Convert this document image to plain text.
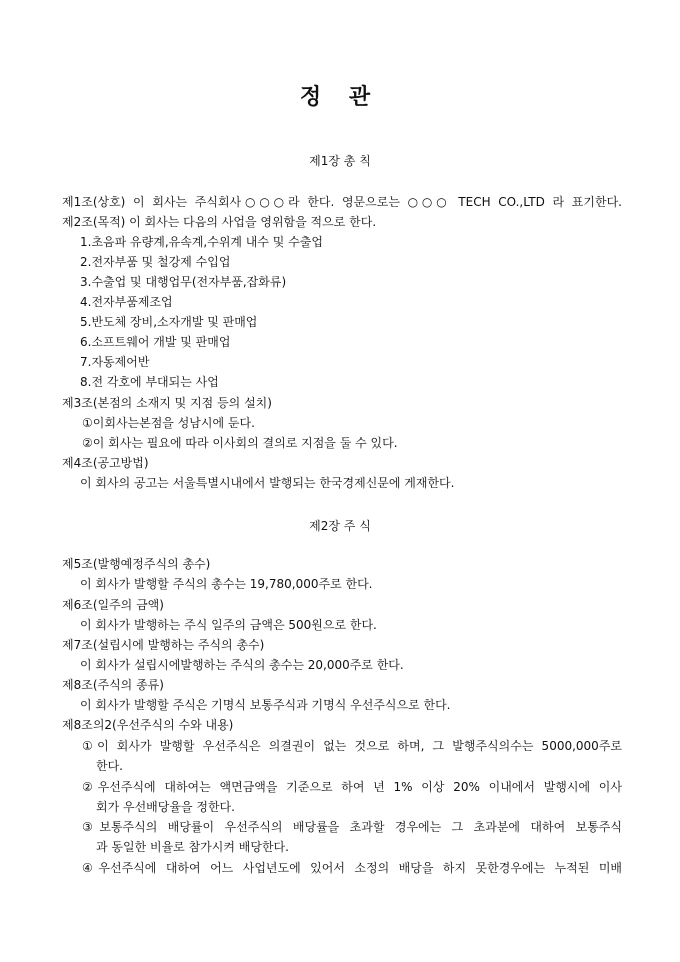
정 관
제1장 총 칙
제1조(상호) 이 회사는 주식회사○○○라 한다. 영문으로는 ○○○ TECH CO.,LTD 라 표기한다.
제2조(목적) 이 회사는 다음의 사업을 영위함을 적으로 한다.
1.초음파 유량계,유속계,수위계 내수 및 수출업
2.전자부품 및 철강제 수입업
3.수출업 및 대행업무(전자부품,잡화류)
4.전자부품제조업
5.반도체 장비,소자개발 및 판매업
6.소프트웨어 개발 및 판매업
7.자동제어반
8.전 각호에 부대되는 사업
제3조(본점의 소재지 및 지점 등의 설치)
①이회사는본점을 성남시에 둔다.
②이 회사는 필요에 따라 이사회의 결의로 지점을 둘 수 있다.
제4조(공고방법)
이 회사의 공고는 서울특별시내에서 발행되는 한국경제신문에 게재한다.
제2장 주 식
제5조(발행예정주식의 총수)
이 회사가 발행할 주식의 총수는 19,780,000주로 한다.
제6조(일주의 금액)
이 회사가 발행하는 주식 일주의 금액은 500원으로 한다.
제7조(설립시에 발행하는 주식의 총수)
이 회사가 설립시에발행하는 주식의 총수는 20,000주로 한다.
제8조(주식의 종류)
이 회사가 발행할 주식은 기명식 보통주식과 기명식 우선주식으로 한다.
제8조의2(우선주식의 수와 내용)
①이 회사가 발행할 우선주식은 의결권이 없는 것으로 하며, 그 발행주식의수는 5000,000주로
한다.
②우선주식에 대하여는 액면금액을 기준으로 하여 년 1% 이상 20% 이내에서 발행시에 이사
회가 우선배당율을 정한다.
③보통주식의 배당률이 우선주식의 배당률을 초과할 경우에는 그 초과분에 대하여 보통주식
과 동일한 비율로 참가시켜 배당한다.
④우선주식에 대하여 어느 사업년도에 있어서 소정의 배당을 하지 못한경우에는 누적된 미배
